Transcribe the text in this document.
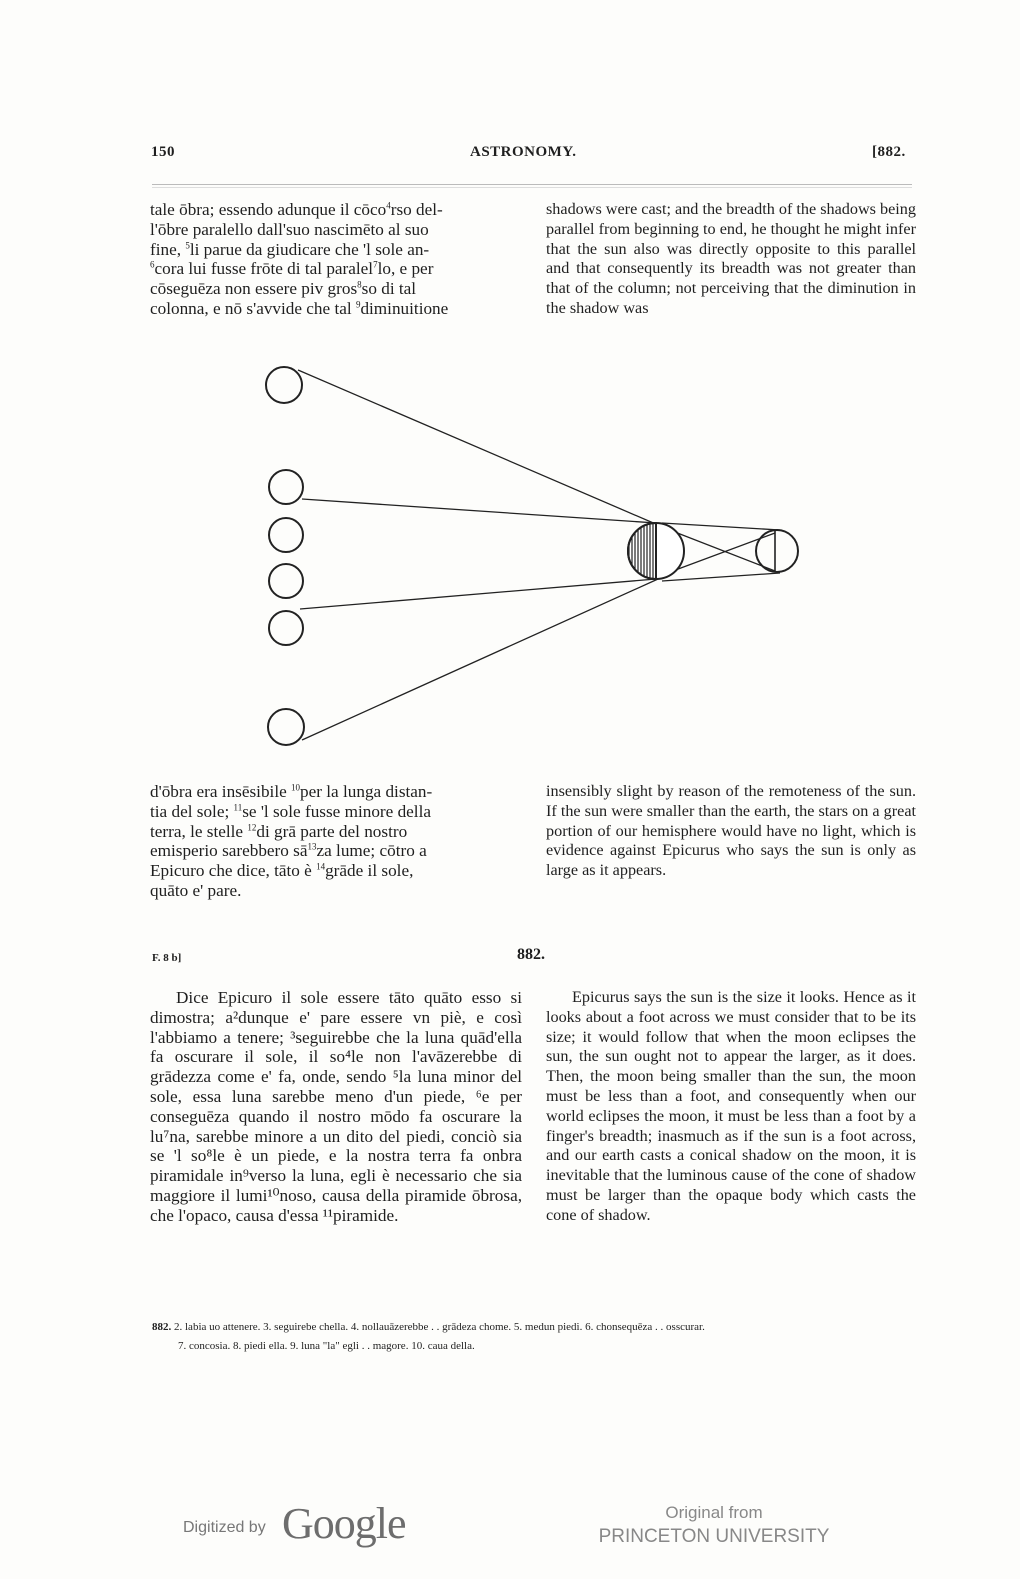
150	ASTRONOMY.	[882.

tale ōbra; essendo adunque il cōco$^4$rso del-

l'ōbre paralello dall'suo nascimēto al suo

fine, $^5$li parue da giudicare che 'l sole an-

$^6$cora lui fusse frōte di tal paralel$^7$lo, e per

cōseguēza non essere piv gros$^8$so di tal

colonna, e nō s'avvide che tal $^9$diminuitione

shadows were cast; and the breadth of the shadows being parallel from beginning to end, he thought he might infer that the sun also was directly opposite to this parallel and that consequently its breadth was not greater than that of the column; not perceiving that the diminution in the shadow was

d'ōbra era insēsibile $^{10}$per la lunga distan-

tia del sole; $^{11}$se 'l sole fusse minore della

terra, le stelle $^{12}$di grā parte del nostro

emisperio sarebbero $sā^{13}za$ lume; cōtro a

Epicuro che dice, tāto è $^{14}$grāde il sole,

quāto e' pare.

insensibly slight by reason of the remoteness of the sun. If the sun were smaller than the earth, the stars on a great portion of our hemisphere would have no light, which is evidence against Epicurus who says the sun is only as large as it appears.

F. 8 b]	882.

Dice Epicuro il sole essere tāto quāto esso si dimostra; a²dunque e' pare essere vn piè, e così l'abbiamo a tenere; ³seguirebbe che la luna quād'ella fa oscurare il sole, il so⁴le non l'avāzerebbe di grādezza come e' fa, onde, sendo ⁵la luna minor del sole, essa luna sarebbe meno d'un piede, ⁶e per conseguēza quando il nostro mōdo fa oscurare la lu⁷na, sarebbe minore a un dito del piedi, conciò sia se 'l so⁸le è un piede, e la nostra terra fa onbra piramidale in⁹verso la luna, egli è necessario che sia maggiore il lumi¹⁰noso, causa della piramide ōbrosa, che l'opaco, causa d'essa ¹¹piramide.

Epicurus says the sun is the size it looks. Hence as it looks about a foot across we must consider that to be its size; it would follow that when the moon eclipses the sun, the sun ought not to appear the larger, as it does. Then, the moon being smaller than the sun, the moon must be less than a foot, and consequently when our world eclipses the moon, it must be less than a foot by a finger's breadth; inasmuch as if the sun is a foot across, and our earth casts a conical shadow on the moon, it is inevitable that the luminous cause of the cone of shadow must be larger than the opaque body which casts the cone of shadow.

882. 2. labia uo attenere. 3. seguirebe chella. 4. nollauāzerebbe . . grādeza chome. 5. medun piedi. 6. chonsequēza . . osscurar.
7. concosia. 8. piedi ella. 9. luna "la" egli . . magore. 10. caua della.
Digitized by Google	Original from
PRINCETON UNIVERSITY
